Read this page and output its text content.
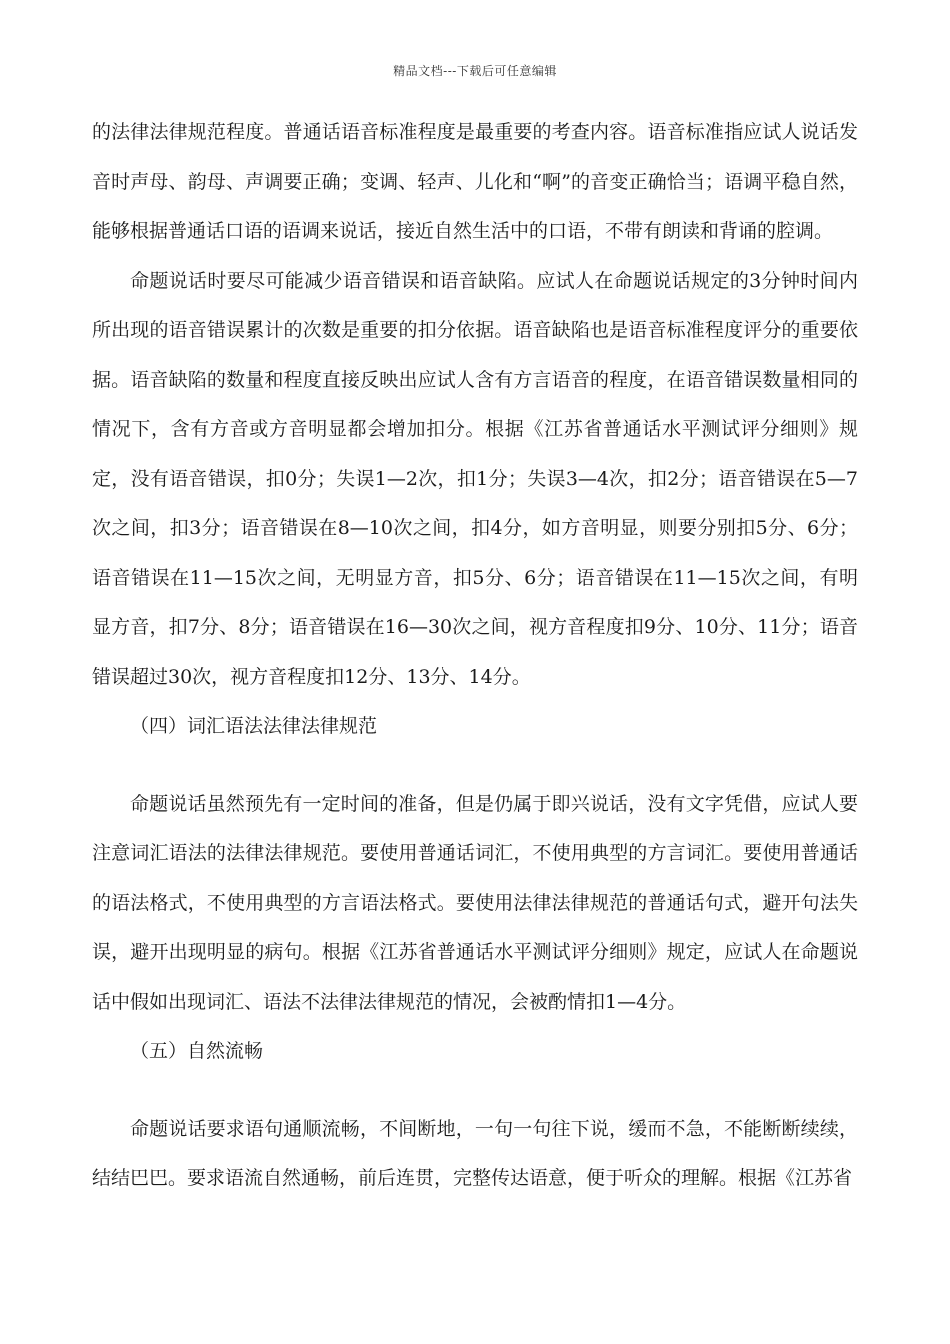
精品文档---下载后可任意编辑

的法律法律规范程度。普通话语音标准程度是最重要的考查内容。语音标准指应试人说话发音时声母、韵母、声调要正确；变调、轻声、儿化和“啊”的音变正确恰当；语调平稳自然，能够根据普通话口语的语调来说话，接近自然生活中的口语，不带有朗读和背诵的腔调。

命题说话时要尽可能减少语音错误和语音缺陷。应试人在命题说话规定的3分钟时间内所出现的语音错误累计的次数是重要的扣分依据。语音缺陷也是语音标准程度评分的重要依据。语音缺陷的数量和程度直接反映出应试人含有方言语音的程度，在语音错误数量相同的情况下，含有方音或方音明显都会增加扣分。根据《江苏省普通话水平测试评分细则》规定，没有语音错误，扣0分；失误1—2次，扣1分；失误3—4次，扣2分；语音错误在5—7次之间，扣3分；语音错误在8—10次之间，扣4分，如方音明显，则要分别扣5分、6分；语音错误在11—15次之间，无明显方音，扣5分、6分；语音错误在11—15次之间，有明显方音，扣7分、8分；语音错误在16—30次之间，视方音程度扣9分、10分、11分；语音错误超过30次，视方音程度扣12分、13分、14分。

（四）词汇语法法律法律规范

命题说话虽然预先有一定时间的准备，但是仍属于即兴说话，没有文字凭借，应试人要注意词汇语法的法律法律规范。要使用普通话词汇，不使用典型的方言词汇。要使用普通话的语法格式，不使用典型的方言语法格式。要使用法律法律规范的普通话句式，避开句法失误，避开出现明显的病句。根据《江苏省普通话水平测试评分细则》规定，应试人在命题说话中假如出现词汇、语法不法律法律规范的情况，会被酌情扣1—4分。

（五）自然流畅

命题说话要求语句通顺流畅，不间断地，一句一句往下说，缓而不急，不能断断续续，结结巴巴。要求语流自然通畅，前后连贯，完整传达语意，便于听众的理解。根据《江苏省
